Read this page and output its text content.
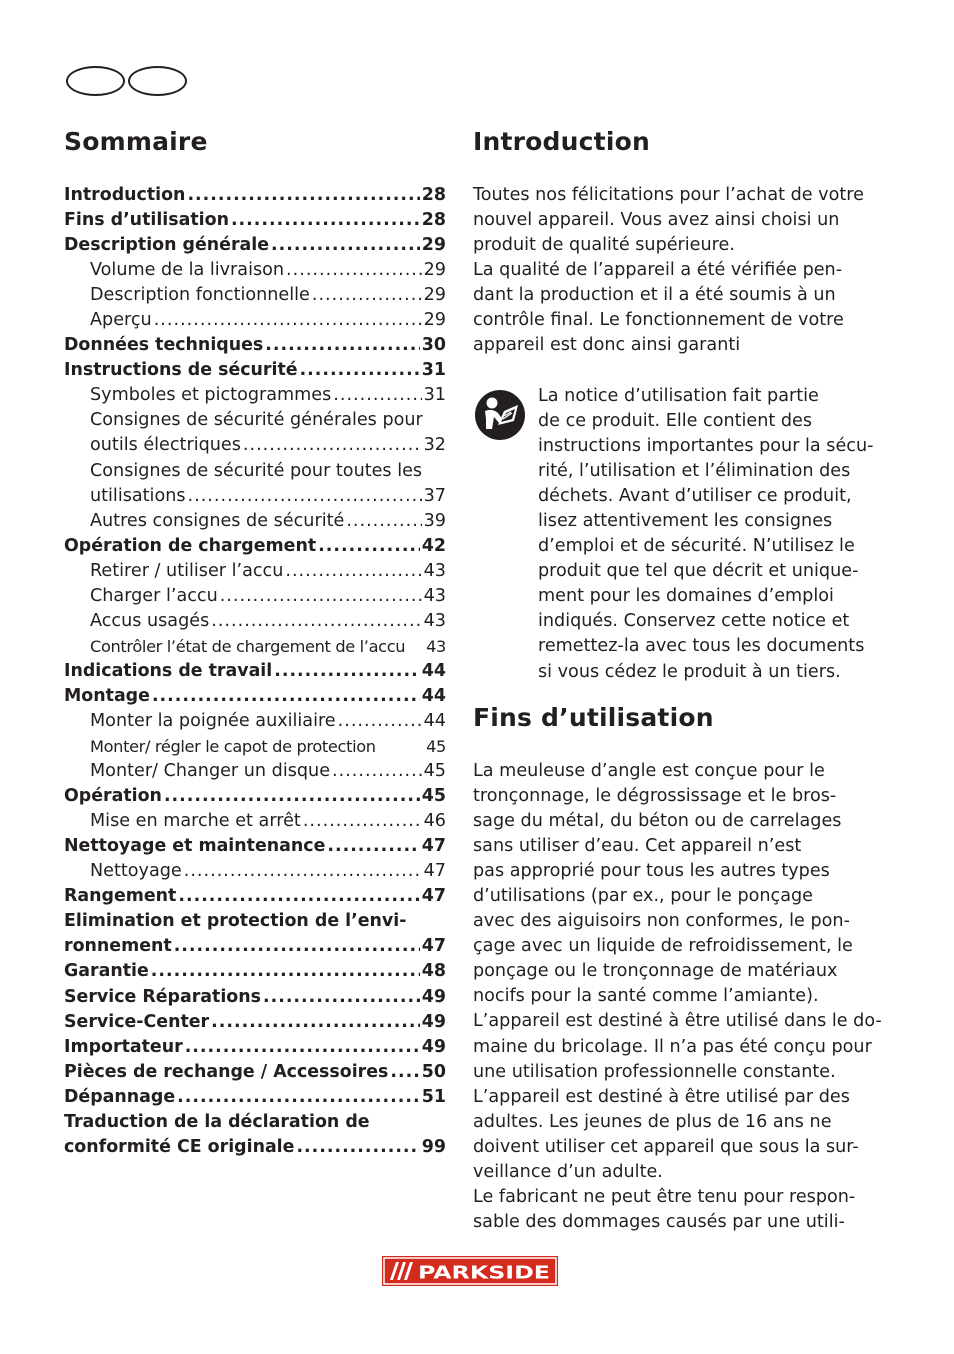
Sommaire
Introduction .....	28
Fins d’utilisation .....	28
Description générale .....	29
Volume de la livraison .....	29
Description fonctionnelle .....	29
Aperçu .....	29
Données techniques .....	30
Instructions de sécurité .....	31
Symboles et pictogrammes .....	31
Consignes de sécurité générales pour
outils électriques .....	32
Consignes de sécurité pour toutes les
utilisations .....	37
Autres consignes de sécurité .....	39
Opération de chargement .....	42
Retirer / utiliser l’accu .....	43
Charger l’accu .....	43
Accus usagés .....	43
Contrôler l’état de chargement de l’accu 43
Indications de travail .....	44
Montage .....	44
Monter la poignée auxiliaire .....	44
Monter/ régler le capot de protection	45
Monter/ Changer un disque .....	45
Opération .....	45
Mise en marche et arrêt .....	46
Nettoyage et maintenance .....	47
Nettoyage .....	47
Rangement .....	47
Elimination et protection de l’envi-
ronnement .....	47
Garantie .....	48
Service Réparations .....	49
Service-Center .....	49
Importateur .....	49
Pièces de rechange / Accessoires ..... 50
Dépannage .....	51
Traduction de la déclaration de
conformité CE originale .....	99
Introduction

Toutes nos félicitations pour l’achat de votre
nouvel appareil. Vous avez ainsi choisi un
produit de qualité supérieure.
La qualité de l’appareil a été vérifiée pen-
dant la production et il a été soumis à un
contrôle final. Le fonctionnement de votre
appareil est donc ainsi garanti

La notice d’utilisation fait partie
de ce produit. Elle contient des
instructions importantes pour la sécu-
rité, l’utilisation et l’élimination des
déchets. Avant d’utiliser ce produit,
lisez attentivement les consignes
d’emploi et de sécurité. N’utilisez le
produit que tel que décrit et unique-
ment pour les domaines d’emploi
indiqués. Conservez cette notice et
remettez-la avec tous les documents
si vous cédez le produit à un tiers.

Fins d’utilisation

La meuleuse d’angle est conçue pour le
tronçonnage, le dégrossissage et le bros-
sage du métal, du béton ou de carrelages
sans utiliser d’eau. Cet appareil n’est
pas approprié pour tous les autres types
d’utilisations (par ex., pour le ponçage
avec des aiguisoirs non conformes, le pon-
çage avec un liquide de refroidissement, le
ponçage ou le tronçonnage de matériaux
nocifs pour la santé comme l’amiante).
L’appareil est destiné à être utilisé dans le do-
maine du bricolage. Il n’a pas été conçu pour
une utilisation professionnelle constante.
L’appareil est destiné à être utilisé par des
adultes. Les jeunes de plus de 16 ans ne
doivent utiliser cet appareil que sous la sur-
veillance d’un adulte.
Le fabricant ne peut être tenu pour respon-
sable des dommages causés par une utili-

PARKSIDE
